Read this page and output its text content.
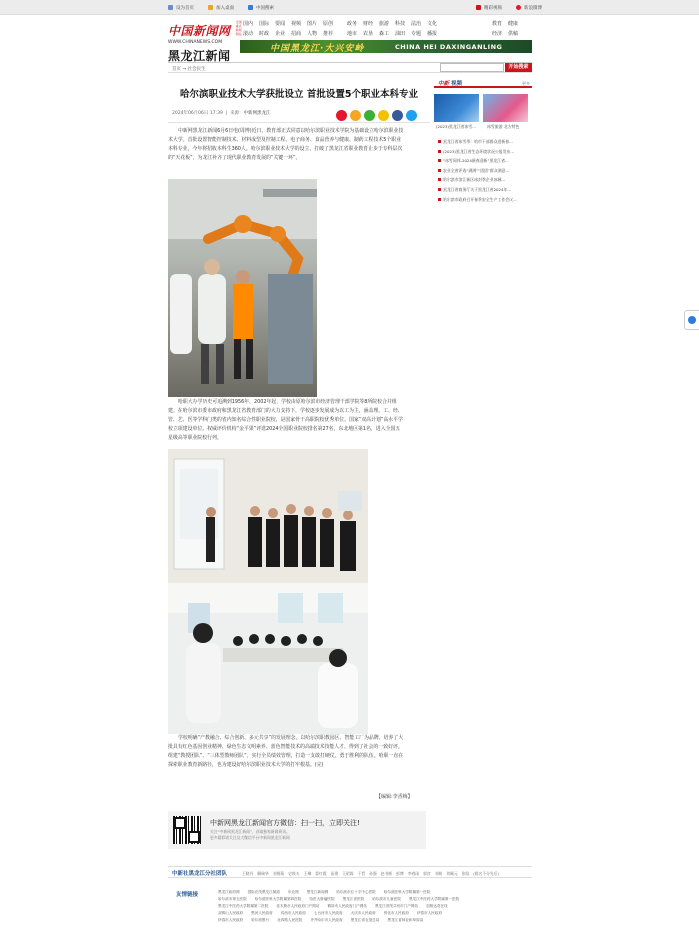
设为首页	加入桌面	中国搜索	精彩视频	新浪微博
中国新闻网 全国重点新闻网站
WWW.CHINANEWS.COM
黑龙江新闻
国内	国际	要闻	视频	图片	原创	政务	财经	旅游	科技	法治	文化
滚动	时政	企业	招商	人物	推荐	地市	农垦	森工	油田	专题	播报
教育	健康
经济	供稿
中国黑龙江·大兴安岭	CHINA HEI DAXINGANLING
首页 → 社会民生	开始搜索
哈尔滨职业技术大学获批设立 首批设置5个职业本科专业
2024年06月06日 17:39  |  来源：中新网黑龙江

中新网黑龙江新闻6月6日电(周博)近日，教育部正式同意以哈尔滨职业技术学院为基础设立哈尔滨职业技术大学。首批设置智能控制技术、材料成型及控制工程、电子商务、食品营养与健康、制药工程技术5个职业本科专业，今年将招收本科生360人。哈尔滨职业技术大学的设立，打破了黑龙江省职业教育止步于专科层次的“天花板”，为龙江补齐了现代职业教育发展的“关键一环”。

哈职大办学历史可追溯到1956年，2002年起，学校由原哈尔滨市经济管理干部学院等8所院校合并组建。在哈尔滨市委市政府和黑龙江省教育部门的大力支持下，学校逐步发展成为以工为主，涵盖理、工、经、管、艺、医等学科门类的省内知名综合性职业院校，是国家骨干高职院校优秀单位、国家“双高计划”高水平学校立项建设单位。权威评价机构“金平果”评选2024全国职业院校排名第27名，东北地区第1名，进入全国五星级高等职业院校行列。

学校明确“产教融合、综合创新、多元共享”的发展理念，以哈尔滨职教园区、智能工厂为品牌，培养了大批具有红色基因创业精神、绿色生态文明素养、蓝色智能技术的高端技术技能人才，得到了社会的一致好评。组建“教授团队”、“三体型教师团队”，实行全员绩效管理，打造一支敢打硬仗、勇于胜利的队伍。哈职一直在探索职业教育新路径，也为建设好哈尔滨职业技术大学的打牢根基。(完)

【编辑:李香梅】
中新网黑龙江新闻官方微信：扫一扫，立即关注!
关注“中新网黑龙江新闻”，获取独家新闻资讯。
更多精彩请关注及大微信平台中新网黑龙江新闻
中新社黑龙江分社团队	王晓丹 解瑞华 刘锡菊 史轶夫 王琳 姜红霞 苗建 王昭霖 于哲 孙强 赵书彬 彭博 李春雨 郭彦 刘萌 刘佩元 张晗 (排名不分先后)
友情链接	黑龙江政府网 国际在线黑龙江频道 东北网 黑龙江新闻网 哈尔滨市红十字中心医院 哈尔滨医科大学附属第一医院
哈尔滨市第五医院 哈尔滨医科大学附属第四医院 哈医大肿瘤医院 黑龙江省医院 哈尔滨市儿童医院 黑龙江中医药大学附属第一医院
黑龙江中医药大学附属第二医院 佳木斯市人民政府门户网站 鹤岗市人民政府门户网站 黑龙江省绥芬河市门户网站 加格达奇在线
双鸭山人民政府 黑河人民政府 鸡西市人民政府 七台河市人民政府 大庆市人民政府 绥化市人民政府 伊春市人民政府
伊春市人民政府 哈尔滨银行 北四路人民医院 齐齐哈尔市人民政府 黑龙江省农垦总局 黑龙江省林业和草原局
中新 视频	更多
(2023)黑龙江省冰雪...	冰雪旅游 北方特色
黑龙江省冰雪季：哈市干部群众迎新春...
(2023)黑龙江省生态环境状况公报发布...
“冰雪同邦-2024新春迎新”黑龙江省...
农业全省评选“满满”“团团”群众满意...
哈尔滨市滨江新区冰封季企业冰城...
黑龙江省商务厅关于黑龙江省2024年...
哈尔滨市政府召开春季安全生产工作会议...
